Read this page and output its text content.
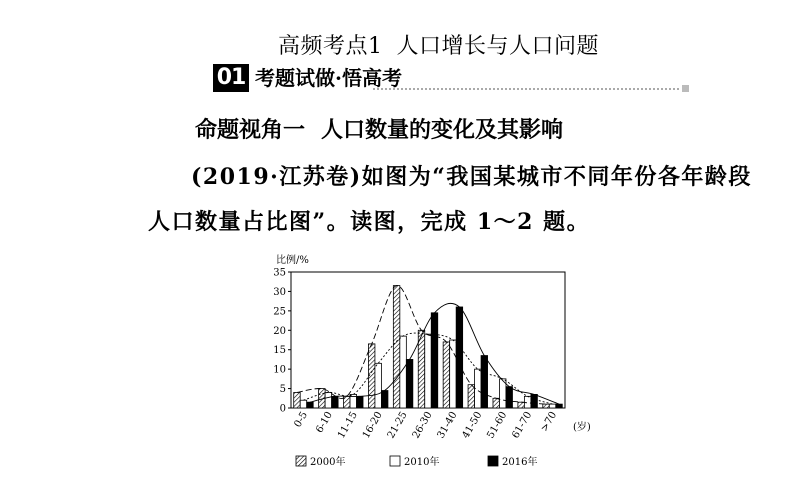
高频考点1 人口增长与人口问题
01 考题试做·悟高考
命题视角一 人口数量的变化及其影响
(2019·江苏卷)如图为“我国某城市不同年份各年龄段
人口数量占比图”。读图，完成 1～2 题。
0
5
10
15
20
25
30
35
比例/%
0-5 6-10 11-15 16-20 21-25 26-30 31-40 41-50 51-60 61-70 >70 (岁)
2000年	2010年	2016年
